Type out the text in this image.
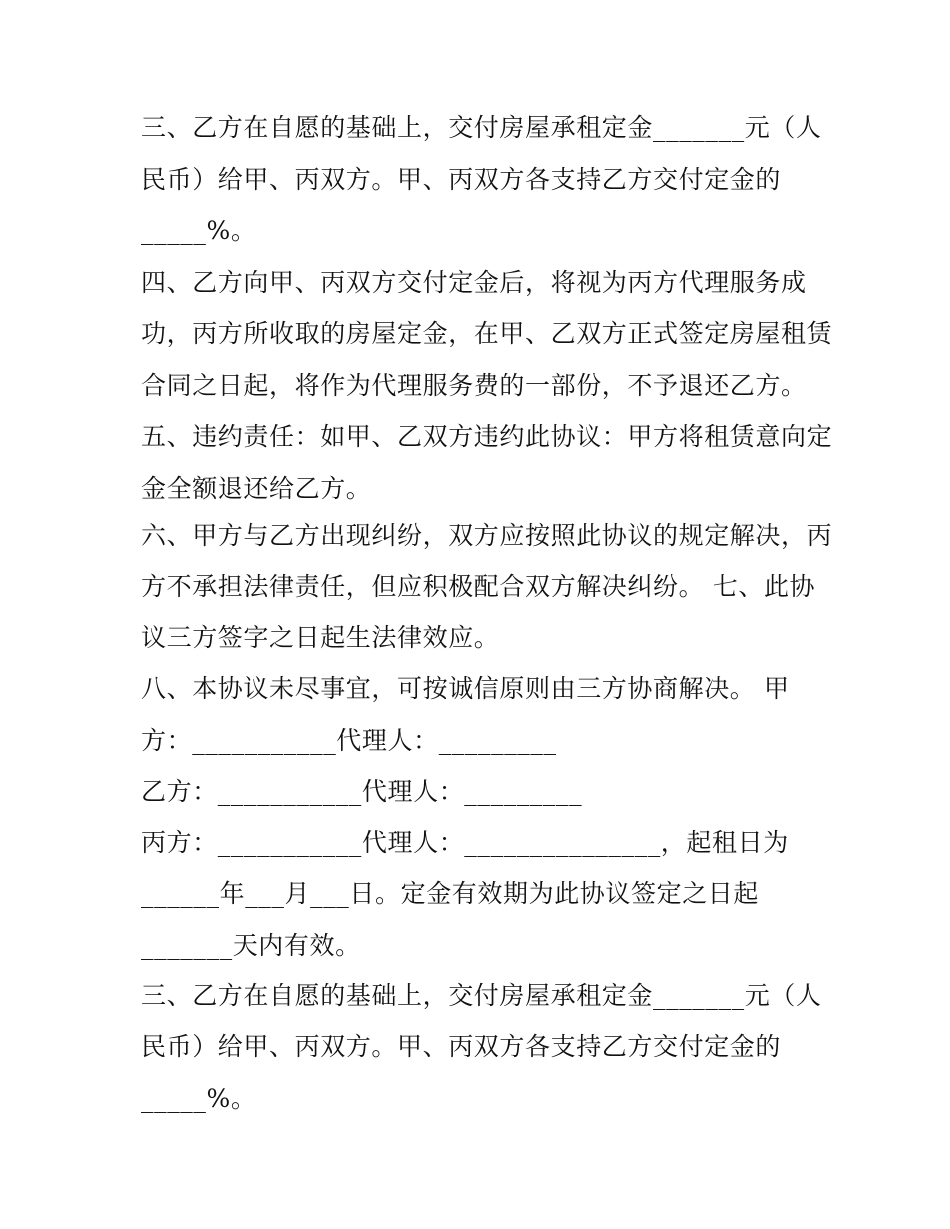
三、乙方在自愿的基础上，交付房屋承租定金_______元（人
民币）给甲、丙双方。甲、丙双方各支持乙方交付定金的
_____%。
四、乙方向甲、丙双方交付定金后，将视为丙方代理服务成
功，丙方所收取的房屋定金，在甲、乙双方正式签定房屋租赁
合同之日起，将作为代理服务费的一部份，不予退还乙方。
五、违约责任：如甲、乙双方违约此协议：甲方将租赁意向定
金全额退还给乙方。
六、甲方与乙方出现纠纷，双方应按照此协议的规定解决，丙
方不承担法律责任，但应积极配合双方解决纠纷。 七、此协
议三方签字之日起生法律效应。
八、本协议未尽事宜，可按诚信原则由三方协商解决。 甲
方：___________代理人：_________
乙方：___________代理人：_________
丙方：___________代理人：_______________，起租日为
______年___月___日。定金有效期为此协议签定之日起
_______天内有效。
三、乙方在自愿的基础上，交付房屋承租定金_______元（人
民币）给甲、丙双方。甲、丙双方各支持乙方交付定金的
_____%。
